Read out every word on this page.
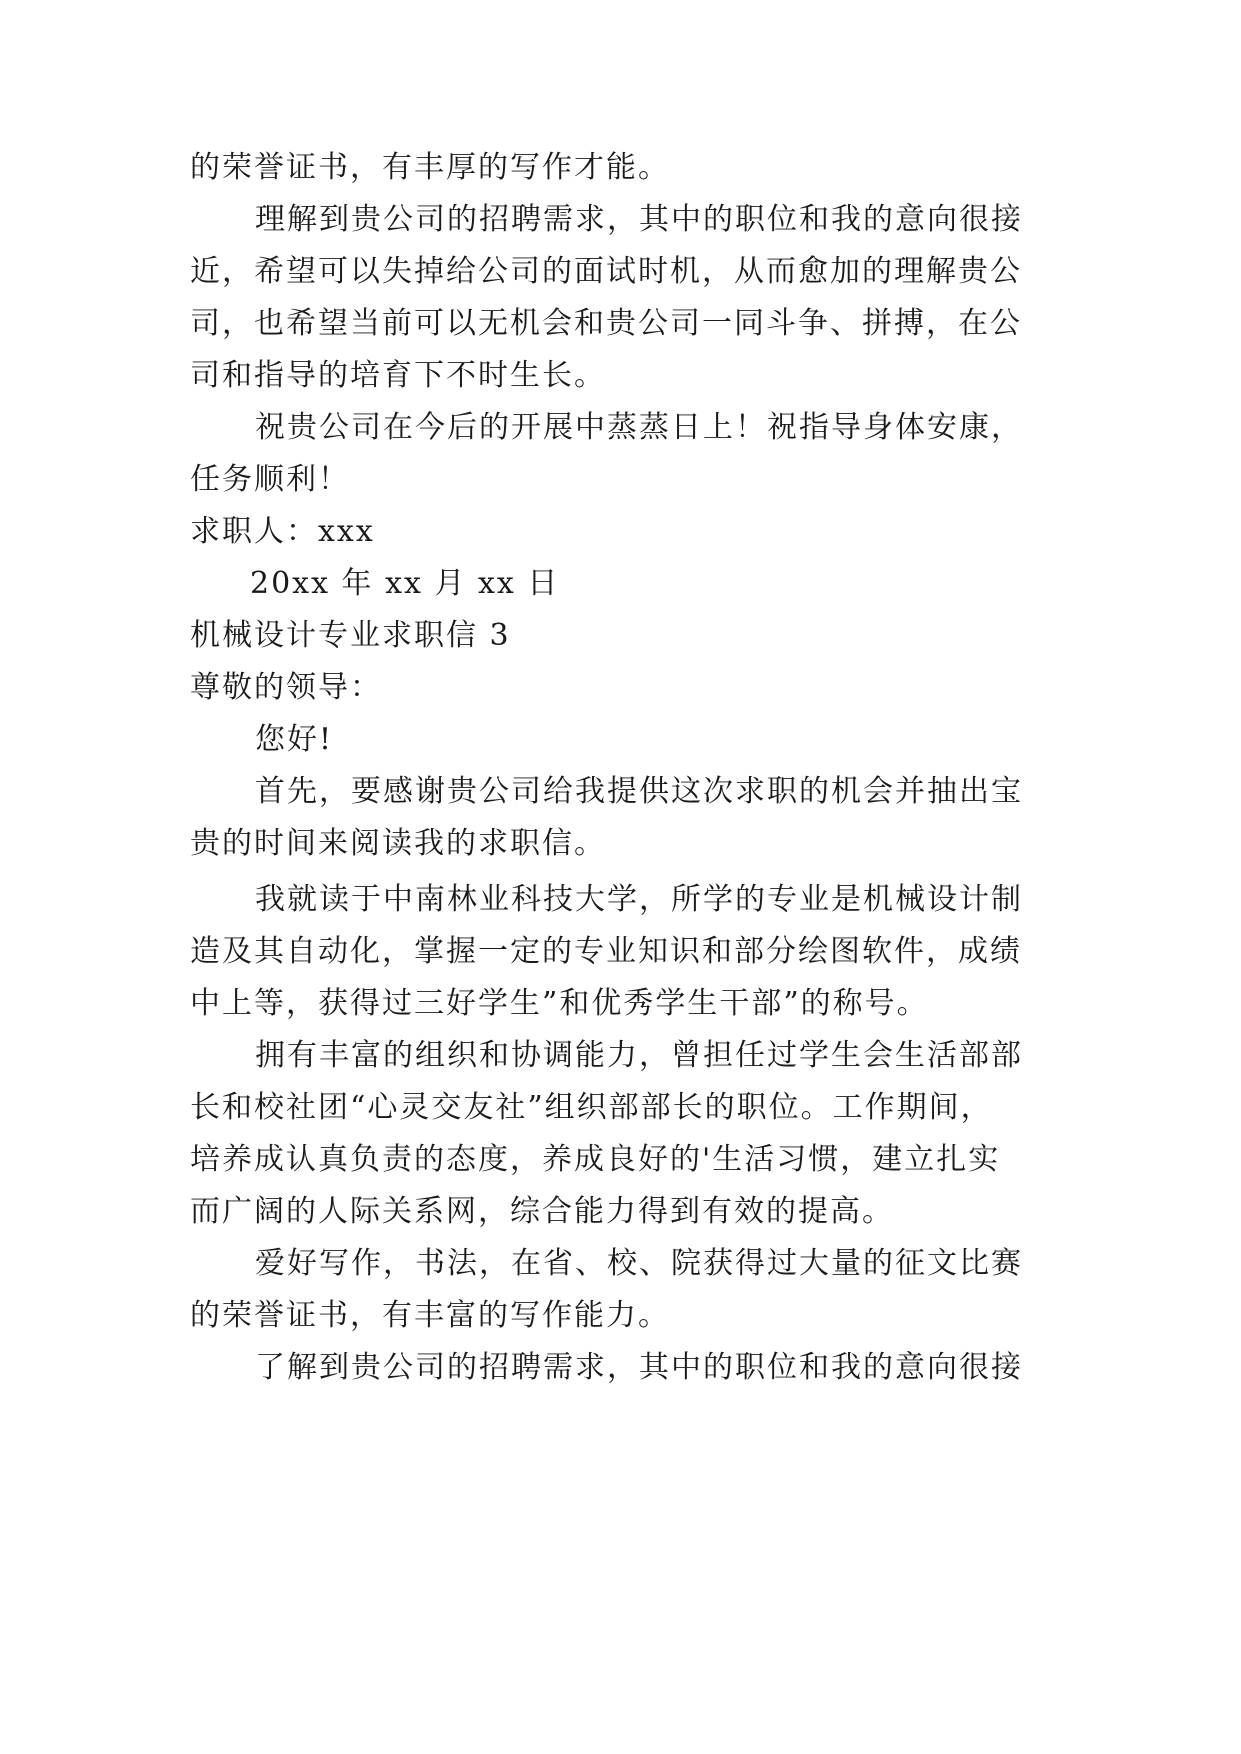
的荣誉证书，有丰厚的写作才能。
理解到贵公司的招聘需求，其中的职位和我的意向很接
近，希望可以失掉给公司的面试时机，从而愈加的理解贵公
司，也希望当前可以无机会和贵公司一同斗争、拼搏，在公
司和指导的培育下不时生长。
祝贵公司在今后的开展中蒸蒸日上！祝指导身体安康，
任务顺利！
求职人：xxx
20xx 年 xx 月 xx 日
机械设计专业求职信 3
尊敬的领导：
您好!
首先，要感谢贵公司给我提供这次求职的机会并抽出宝
贵的时间来阅读我的求职信。
我就读于中南林业科技大学，所学的专业是机械设计制
造及其自动化，掌握一定的专业知识和部分绘图软件，成绩
中上等，获得过三好学生”和优秀学生干部”的称号。
拥有丰富的组织和协调能力，曾担任过学生会生活部部
长和校社团“心灵交友社”组织部部长的职位。工作期间，
培养成认真负责的态度，养成良好的'生活习惯，建立扎实
而广阔的人际关系网，综合能力得到有效的提高。
爱好写作，书法，在省、校、院获得过大量的征文比赛
的荣誉证书，有丰富的写作能力。
了解到贵公司的招聘需求，其中的职位和我的意向很接
